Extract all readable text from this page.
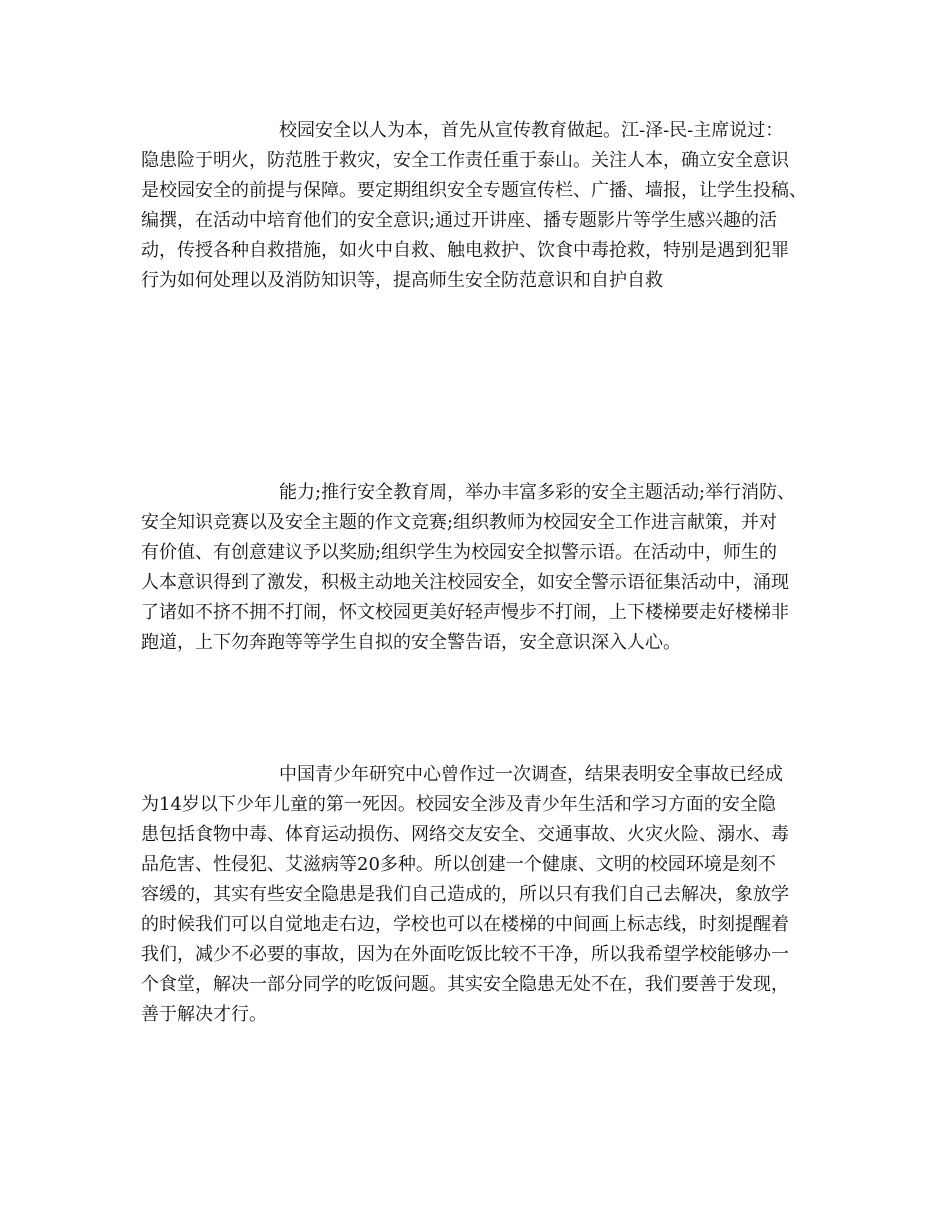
校园安全以人为本，首先从宣传教育做起。江-泽-民-主席说过：
隐患险于明火，防范胜于救灾，安全工作责任重于泰山。关注人本，确立安全意识
是校园安全的前提与保障。要定期组织安全专题宣传栏、广播、墙报，让学生投稿、
编撰，在活动中培育他们的安全意识;通过开讲座、播专题影片等学生感兴趣的活
动，传授各种自救措施，如火中自救、触电救护、饮食中毒抢救，特别是遇到犯罪
行为如何处理以及消防知识等，提高师生安全防范意识和自护自救
能力;推行安全教育周，举办丰富多彩的安全主题活动;举行消防、
安全知识竞赛以及安全主题的作文竞赛;组织教师为校园安全工作进言献策，并对
有价值、有创意建议予以奖励;组织学生为校园安全拟警示语。在活动中，师生的
人本意识得到了激发，积极主动地关注校园安全，如安全警示语征集活动中，涌现
了诸如不挤不拥不打闹，怀文校园更美好轻声慢步不打闹，上下楼梯要走好楼梯非
跑道，上下勿奔跑等等学生自拟的安全警告语，安全意识深入人心。
中国青少年研究中心曾作过一次调查，结果表明安全事故已经成
为14岁以下少年儿童的第一死因。校园安全涉及青少年生活和学习方面的安全隐
患包括食物中毒、体育运动损伤、网络交友安全、交通事故、火灾火险、溺水、毒
品危害、性侵犯、艾滋病等20多种。所以创建一个健康、文明的校园环境是刻不
容缓的，其实有些安全隐患是我们自己造成的，所以只有我们自己去解决，象放学
的时候我们可以自觉地走右边，学校也可以在楼梯的中间画上标志线，时刻提醒着
我们，减少不必要的事故，因为在外面吃饭比较不干净，所以我希望学校能够办一
个食堂，解决一部分同学的吃饭问题。其实安全隐患无处不在，我们要善于发现，
善于解决才行。
